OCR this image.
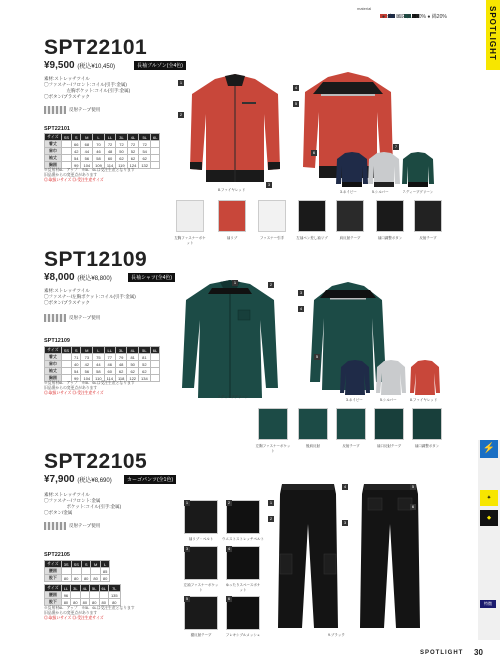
material
● ポリエステル80% ● 綿20%	SPOTLIGHT
⚡
✦
◆
SPT22101
¥9,500 (税込¥10,450)	長袖ブルゾン(全4色)
素材:ストレッチツイル
◯ファスナー/フロント:コイル(引手:金属)
　　　　　左胸ポケット:コイル(引手:金属)
◯ボタン/プラスチック
反射テープ使用
SPT22101
サイズ	SS	S	M	L	LL	3L	4L	5L	6L
着丈		66	68	70	72	72	72	72	
肩巾		42	44	46	48	50	52	54	
袖丈		54	56	58	60	62	62	62	
胸囲		99	104	109	114	119	124	132	
※反射材6Lアップ　※5L6Lは受注生産となります
旧品番からの変更点があります
◎:取扱いサイズ ◎:受注生産サイズ
1
2
3
4
5
6
7
8.ファイヤレッド	3.ネイビー	5.シルバー	7.ディープグリーン
左胸ファスナーポケット
袖リブ	ファスナー引手	左袖ペン差し袖リブ	肩反射テープ	袖口調整ボタン	反射テープ
SPT12109
¥8,000 (税込¥8,800)	長袖シャツ(全4色)
素材:ストレッチツイル
◯ファスナー/左胸ポケット:コイル(引手:金属)
◯ボタン/プラスチック
反射テープ使用
SPT12109
サイズ	SS	S	M	L	LL	3L	4L	5L	6L
着丈		71	73	75	77	79	81	81	
肩巾		40	42	44	46	48	50	52	
袖丈		54	56	58	60	62	62	62	
胸囲		99	104	110	114	118	122	134	
※反射材6Lアップ　※5L6Lは受注生産となります
旧品番からの変更点があります
◎:取扱いサイズ ◎:受注生産サイズ
1	2
3
4
5
7.ディープグリーン
3.ネイビー	5.シルバー	8.ファイヤレッド
左胸ファスナーポケット
後肩反射	反射テープ	袖口反射テープ	袖口調整ボタン
SPT22105
¥7,900 (税込¥8,690)	カーゴパンツ(全1色)
素材:ストレッチツイル
◯ファスナー/フロント:金属
　　　　　ポケット:コイル(引手:金属)
◯ボタン/金属
反射テープ使用
SPT22105
サイズ	3S	SS	S	M	L
腰囲					85
股下	80	80	80	80	80
サイズ	LL	3L	4L	5L	6L	7L
腰囲	96					135
股下	80	80	80	80	80	80
※反射材6Lアップ　※5L6Lは受注生産となります
旧品番からの変更点があります
◎:取扱いサイズ ◎:受注生産サイズ
袖リブ・ベルト	ウエストストレッチベルト
左袖ファスナーポケット
ゆったりスペースポケット
裾反射テープ	フレキシブルメッシュ
1	2
3	4
5	6
1
2
3
4	5
6
9.ブラック
特徴
SPOTLIGHT 30
